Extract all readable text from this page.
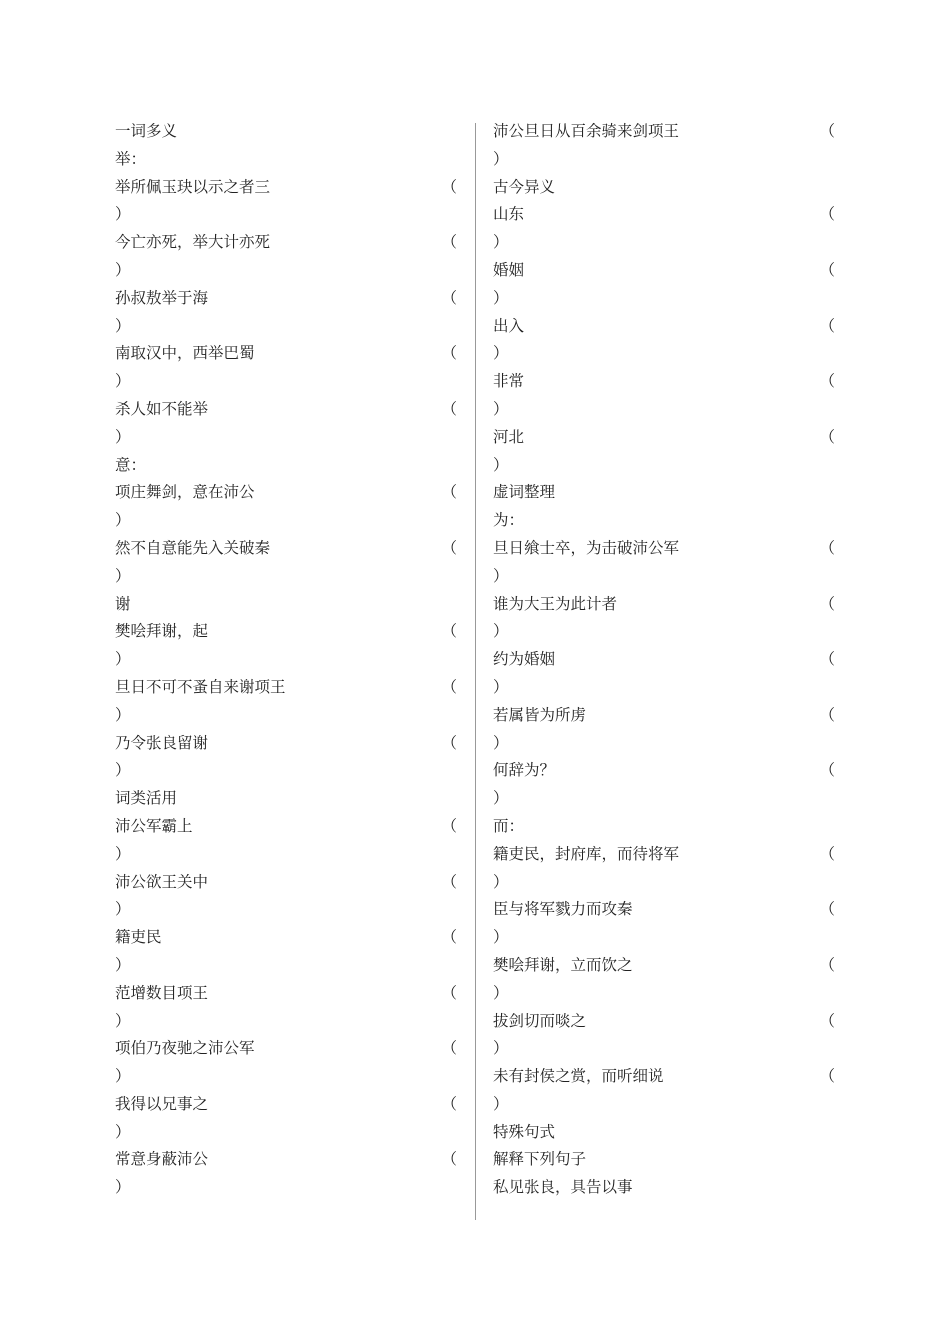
一词多义
举：
举所佩玉玦以示之者三	（
）
今亡亦死，举大计亦死	（
）
孙叔敖举于海	（
）
南取汉中，西举巴蜀	（
）
杀人如不能举	（
）
意：
项庄舞剑，意在沛公	（
）
然不自意能先入关破秦	（
）
谢
樊哙拜谢，起	（
）
旦日不可不蚤自来谢项王	（
）
乃令张良留谢	（
）
词类活用
沛公军霸上	（
）
沛公欲王关中	（
）
籍吏民	（
）
范增数目项王	（
）
项伯乃夜驰之沛公军	（
）
我得以兄事之	（
）
常意身蔽沛公	（
）
沛公旦日从百余骑来剑项王	（
）
古今异义
山东	（
）
婚姻	（
）
出入	（
）
非常	（
）
河北	（
）
虚词整理
为：
旦日飨士卒，为击破沛公军	（
）
谁为大王为此计者	（
）
约为婚姻	（
）
若属皆为所虏	（
）
何辞为？	（
）
而：
籍吏民，封府库，而待将军	（
）
臣与将军戮力而攻秦	（
）
樊哙拜谢，立而饮之	（
）
拔剑切而啖之	（
）
未有封侯之赏，而听细说	（
）
特殊句式
解释下列句子
私见张良，具告以事
